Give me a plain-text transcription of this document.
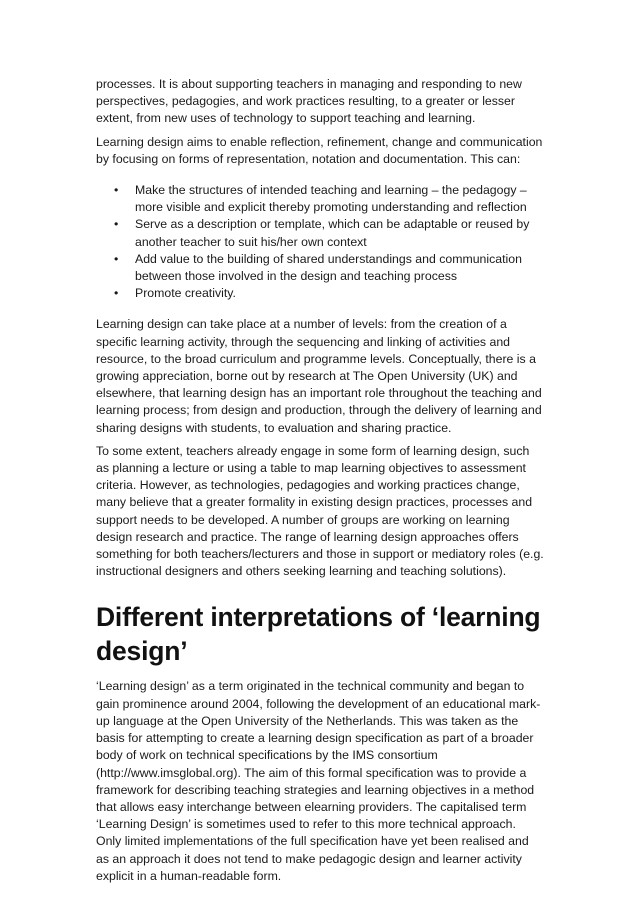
processes. It is about supporting teachers in managing and responding to new perspectives, pedagogies, and work practices resulting, to a greater or lesser extent, from new uses of technology to support teaching and learning.

Learning design aims to enable reflection, refinement, change and communication by focusing on forms of representation, notation and documentation. This can:

• Make the structures of intended teaching and learning – the pedagogy – more visible and explicit thereby promoting understanding and reflection
• Serve as a description or template, which can be adaptable or reused by another teacher to suit his/her own context
• Add value to the building of shared understandings and communication between those involved in the design and teaching process
• Promote creativity.

Learning design can take place at a number of levels: from the creation of a specific learning activity, through the sequencing and linking of activities and resource, to the broad curriculum and programme levels. Conceptually, there is a growing appreciation, borne out by research at The Open University (UK) and elsewhere, that learning design has an important role throughout the teaching and learning process; from design and production, through the delivery of learning and sharing designs with students, to evaluation and sharing practice.

To some extent, teachers already engage in some form of learning design, such as planning a lecture or using a table to map learning objectives to assessment criteria. However, as technologies, pedagogies and working practices change, many believe that a greater formality in existing design practices, processes and support needs to be developed. A number of groups are working on learning design research and practice. The range of learning design approaches offers something for both teachers/lecturers and those in support or mediatory roles (e.g. instructional designers and others seeking learning and teaching solutions).

Different interpretations of ‘learning design’

‘Learning design’ as a term originated in the technical community and began to gain prominence around 2004, following the development of an educational mark-up language at the Open University of the Netherlands. This was taken as the basis for attempting to create a learning design specification as part of a broader body of work on technical specifications by the IMS consortium (http://www.imsglobal.org). The aim of this formal specification was to provide a framework for describing teaching strategies and learning objectives in a method that allows easy interchange between elearning providers. The capitalised term ‘Learning Design’ is sometimes used to refer to this more technical approach. Only limited implementations of the full specification have yet been realised and as an approach it does not tend to make pedagogic design and learner activity explicit in a human-readable form.
